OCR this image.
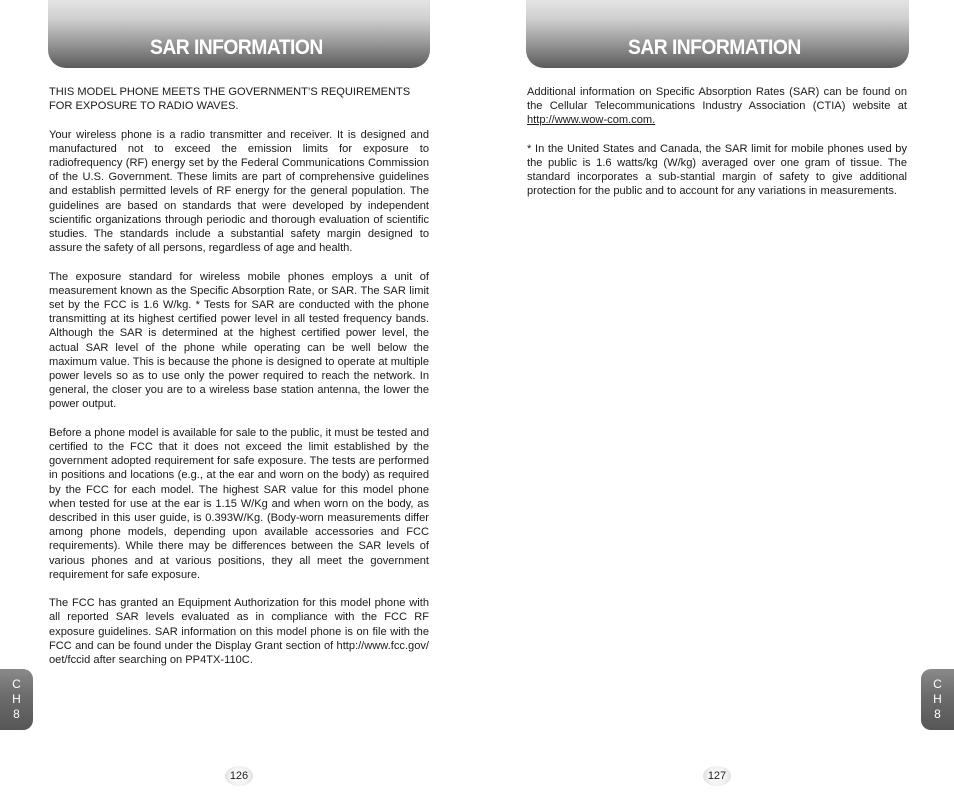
SAR INFORMATION

THIS MODEL PHONE MEETS THE GOVERNMENT’S REQUIREMENTS FOR EXPOSURE TO RADIO WAVES.

Your wireless phone is a radio transmitter and receiver. It is designed and manufactured not to exceed the emission limits for exposure to radiofrequency (RF) energy set by the Federal Communications Commission of the U.S. Government. These limits are part of comprehensive guidelines and establish permitted levels of RF energy for the general population. The guidelines are based on standards that were developed by independent scientific organizations through periodic and thorough evaluation of scientific studies. The standards include a substantial safety margin designed to assure the safety of all persons, regardless of age and health.

The exposure standard for wireless mobile phones employs a unit of measurement known as the Specific Absorption Rate, or SAR. The SAR limit set by the FCC is 1.6 W/kg. * Tests for SAR are conducted with the phone transmitting at its highest certified power level in all tested frequency bands. Although the SAR is determined at the highest certified power level, the actual SAR level of the phone while operating can be well below the maximum value. This is because the phone is designed to operate at multiple power levels so as to use only the power required to reach the network. In general, the closer you are to a wireless base station antenna, the lower the power output.

Before a phone model is available for sale to the public, it must be tested and certified to the FCC that it does not exceed the limit established by the government adopted requirement for safe exposure. The tests are performed in positions and locations (e.g., at the ear and worn on the body) as required by the FCC for each model. The highest SAR value for this model phone when tested for use at the ear is 1.15 W/Kg and when worn on the body, as described in this user guide, is 0.393W/Kg. (Body-worn measurements differ among phone models, depending upon available accessories and FCC requirements). While there may be differences between the SAR levels of various phones and at various positions, they all meet the government requirement for safe exposure.

The FCC has granted an Equipment Authorization for this model phone with all reported SAR levels evaluated as in compliance with the FCC RF exposure guidelines. SAR information on this model phone is on file with the FCC and can be found under the Display Grant section of http://www.fcc.gov/ oet/fccid after searching on PP4TX-110C.

C
H
8
126
SAR INFORMATION

Additional information on Specific Absorption Rates (SAR) can be found on the Cellular Telecommunications Industry Association (CTIA) website at http://www.wow-com.com.

* In the United States and Canada, the SAR limit for mobile phones used by the public is 1.6 watts/kg (W/kg) averaged over one gram of tissue. The standard incorporates a sub-stantial margin of safety to give additional protection for the public and to account for any variations in measurements.

C
H
8
127
